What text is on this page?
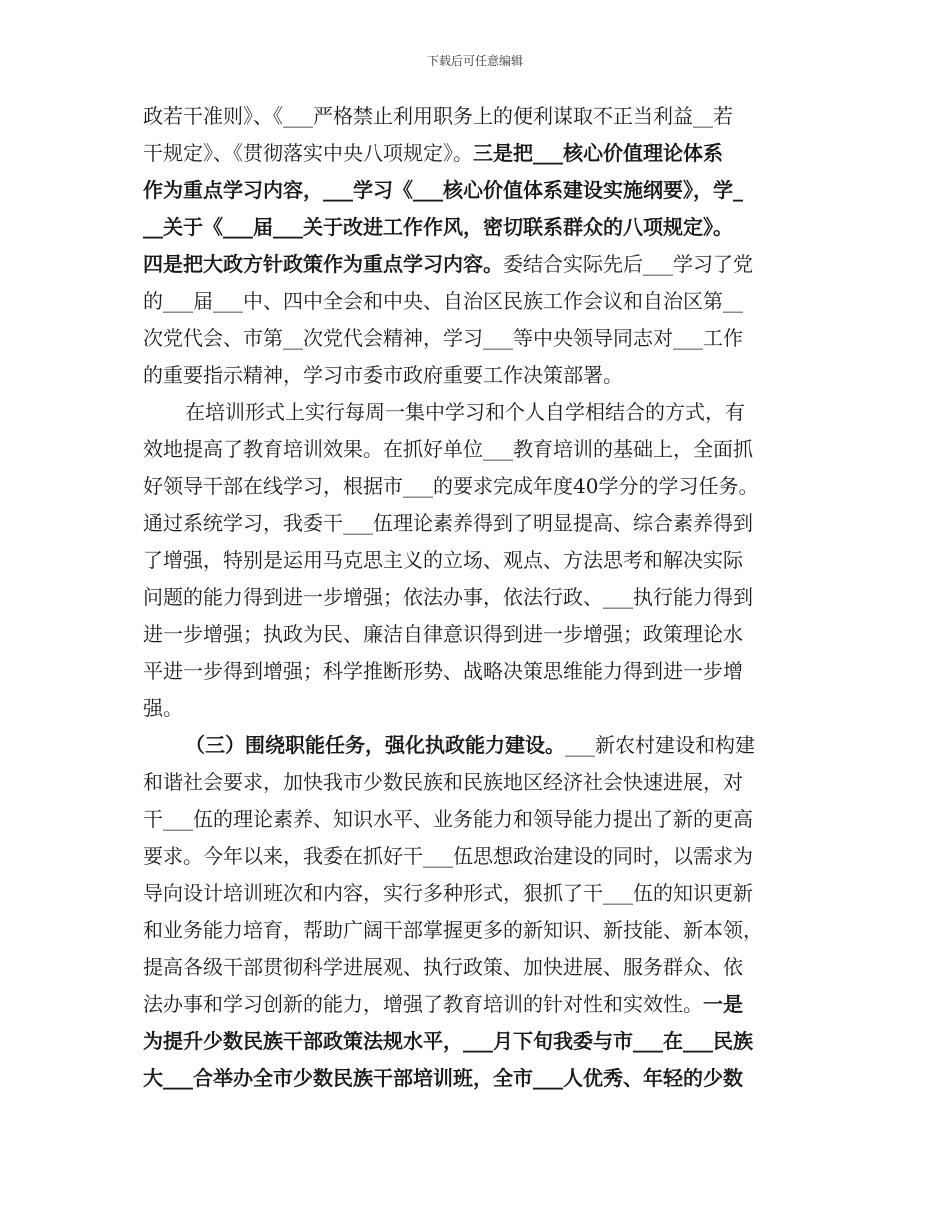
下载后可任意编辑
政若干准则》、《___严格禁止利用职务上的便利谋取不正当利益__若
干规定》、《贯彻落实中央八项规定》。三是把___核心价值理论体系
作为重点学习内容，___学习《___核心价值体系建设实施纲要》，学_
__关于《___届___关于改进工作作风，密切联系群众的八项规定》。
四是把大政方针政策作为重点学习内容。委结合实际先后___学习了党
的___届___中、四中全会和中央、自治区民族工作会议和自治区第__
次党代会、市第__次党代会精神，学习___等中央领导同志对___工作
的重要指示精神，学习市委市政府重要工作决策部署。
在培训形式上实行每周一集中学习和个人自学相结合的方式，有
效地提高了教育培训效果。在抓好单位___教育培训的基础上，全面抓
好领导干部在线学习，根据市___的要求完成年度40学分的学习任务。
通过系统学习，我委干___伍理论素养得到了明显提高、综合素养得到
了增强，特别是运用马克思主义的立场、观点、方法思考和解决实际
问题的能力得到进一步增强；依法办事，依法行政、___执行能力得到
进一步增强；执政为民、廉洁自律意识得到进一步增强；政策理论水
平进一步得到增强；科学推断形势、战略决策思维能力得到进一步增
强。
（三）围绕职能任务，强化执政能力建设。___新农村建设和构建
和谐社会要求，加快我市少数民族和民族地区经济社会快速进展，对
干___伍的理论素养、知识水平、业务能力和领导能力提出了新的更高
要求。今年以来，我委在抓好干___伍思想政治建设的同时，以需求为
导向设计培训班次和内容，实行多种形式，狠抓了干___伍的知识更新
和业务能力培育，帮助广阔干部掌握更多的新知识、新技能、新本领，
提高各级干部贯彻科学进展观、执行政策、加快进展、服务群众、依
法办事和学习创新的能力，增强了教育培训的针对性和实效性。一是
为提升少数民族干部政策法规水平，___月下旬我委与市___在___民族
大___合举办全市少数民族干部培训班，全市___人优秀、年轻的少数
